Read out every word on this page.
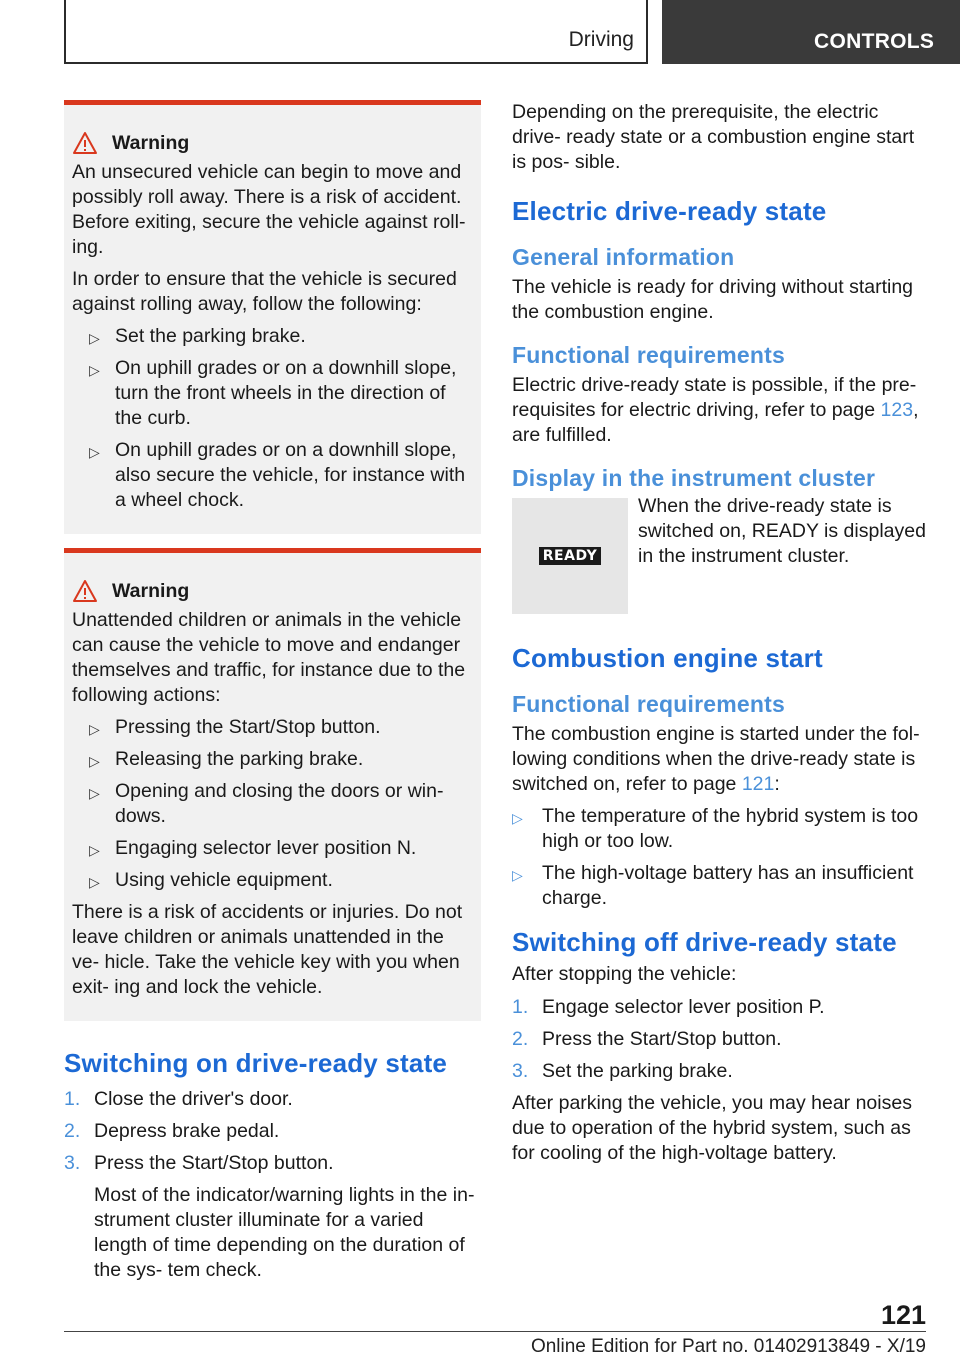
Driving	CONTROLS
Warning

An unsecured vehicle can begin to move and possibly roll away. There is a risk of accident. Before exiting, secure the vehicle against roll- ing.

In order to ensure that the vehicle is secured against rolling away, follow the following:

▷ Set the parking brake.
▷ On uphill grades or on a downhill slope, turn the front wheels in the direction of the curb.
▷ On uphill grades or on a downhill slope, also secure the vehicle, for instance with a wheel chock.
Warning

Unattended children or animals in the vehicle can cause the vehicle to move and endanger themselves and traffic, for instance due to the following actions:

▷ Pressing the Start/Stop button.
▷ Releasing the parking brake.
▷ Opening and closing the doors or win- dows.
▷ Engaging selector lever position N.
▷ Using vehicle equipment.

There is a risk of accidents or injuries. Do not leave children or animals unattended in the ve- hicle. Take the vehicle key with you when exit- ing and lock the vehicle.

Switching on drive-ready state
1. Close the driver's door.
2. Depress brake pedal.
3. Press the Start/Stop button.

Most of the indicator/warning lights in the in- strument cluster illuminate for a varied length of time depending on the duration of the sys- tem check.

Depending on the prerequisite, the electric drive- ready state or a combustion engine start is pos- sible.

Electric drive-ready state
General information

The vehicle is ready for driving without starting the combustion engine.

Functional requirements

Electric drive-ready state is possible, if the pre- requisites for electric driving, refer to page 123, are fulfilled.

Display in the instrument cluster
READY

When the drive-ready state is switched on, READY is displayed in the instrument cluster.

Combustion engine start
Functional requirements

The combustion engine is started under the fol- lowing conditions when the drive-ready state is switched on, refer to page 121:

▷ The temperature of the hybrid system is too high or too low.
▷ The high-voltage battery has an insufficient charge.
Switching off drive-ready state

After stopping the vehicle:

1. Engage selector lever position P.
2. Press the Start/Stop button.
3. Set the parking brake.

After parking the vehicle, you may hear noises due to operation of the hybrid system, such as for cooling of the high-voltage battery.

121
Online Edition for Part no. 01402913849 - X/19
